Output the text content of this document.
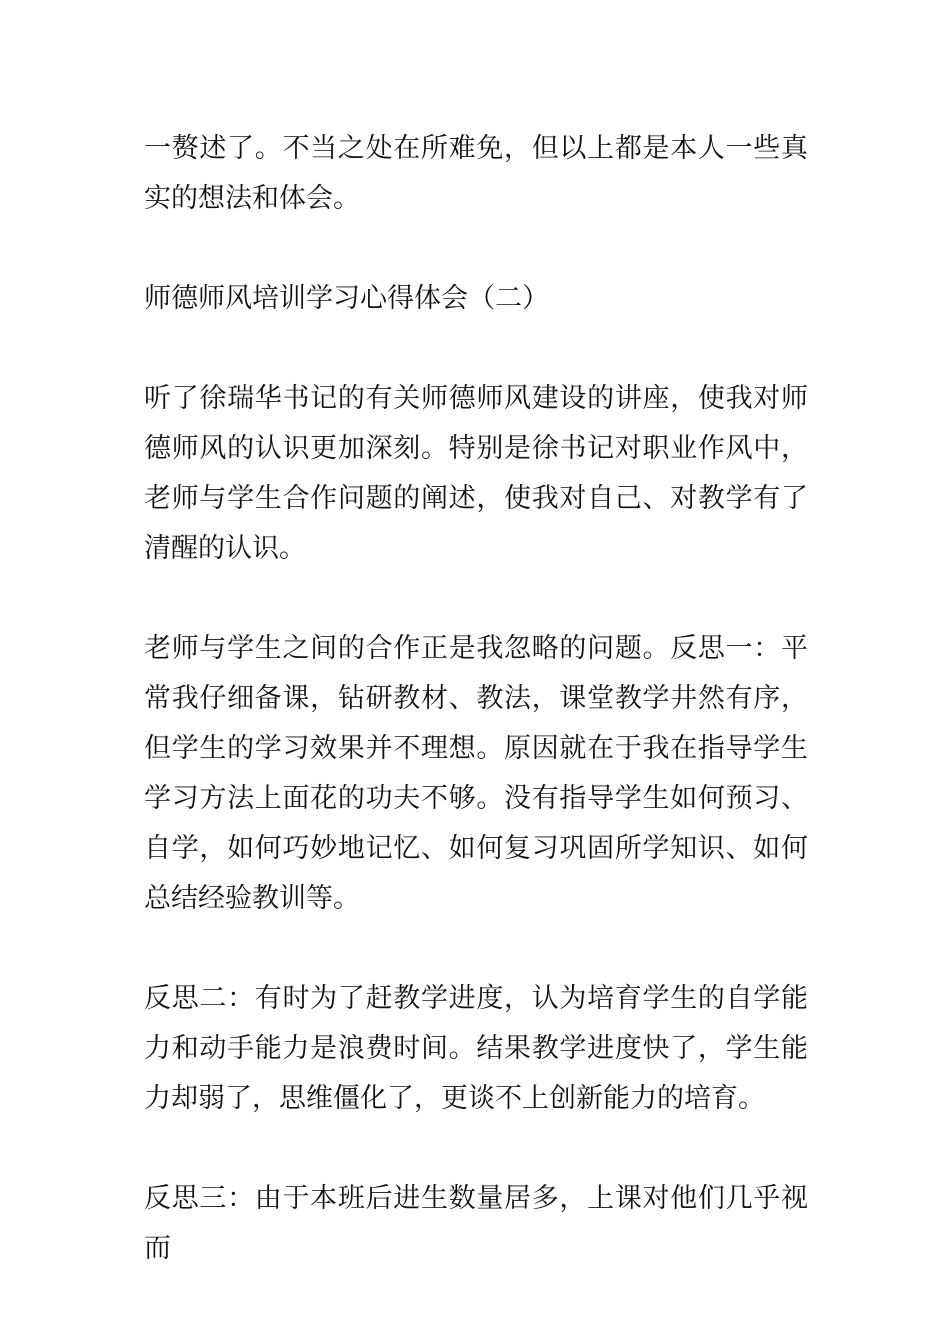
一赘述了。不当之处在所难免，但以上都是本人一些真实的想法和体会。

师德师风培训学习心得体会（二）

听了徐瑞华书记的有关师德师风建设的讲座，使我对师德师风的认识更加深刻。特别是徐书记对职业作风中，老师与学生合作问题的阐述，使我对自己、对教学有了清醒的认识。

老师与学生之间的合作正是我忽略的问题。反思一：平常我仔细备课，钻研教材、教法，课堂教学井然有序，但学生的学习效果并不理想。原因就在于我在指导学生学习方法上面花的功夫不够。没有指导学生如何预习、自学，如何巧妙地记忆、如何复习巩固所学知识、如何总结经验教训等。

反思二：有时为了赶教学进度，认为培育学生的自学能力和动手能力是浪费时间。结果教学进度快了，学生能力却弱了，思维僵化了，更谈不上创新能力的培育。

反思三：由于本班后进生数量居多，上课对他们几乎视而
